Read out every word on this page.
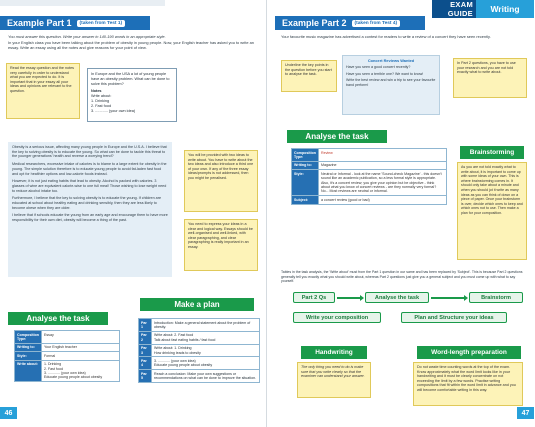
Example Part 1	(taken from Test 1)

You must answer this question. Write your answer in 140-190 words in an appropriate style.

In your English class you have been talking about the problem of obesity in young people. Now, your English teacher has asked you to write an essay. Write an essay using all the notes and give reasons for your point of view.

Read the essay question and the notes very carefully in order to understand what you are expected to do. It is important that in your essay all your ideas and opinions are relevant to the question.
In Europe and the USA a lot of young people have an obesity problem. What can be done to solve this problem?
Notes
Write about:
1. Drinking
2. Fast food
3. ............ (your own idea)

Obesity is a serious issue, affecting many young people in Europe and the U.S.A. I believe that the key to solving obesity is to educate the young. So what can be done to tackle this threat to the younger generations' health and reverse a worrying trend?

Medical researchers, excessive intake of calories is to blame to a large extent for obesity in the young. The simple solution therefore is to educate young people to avoid fat-laden fast food and opt for healthier options and low-calorie foods instead.

However, it is not just eating habits that lead to obesity. Alcohol is packed with calories. 3 glasses of wine are equivalent calorie-wise to one full meal! Those wishing to lose weight need to reduce alcohol intake too.

Furthermore, I believe that the key to solving obesity is to educate the young. If children are educated at school about healthy eating and drinking sensibly, then they are less likely to become obese when they are older.

I believe that if schools educate the young from an early age and encourage them to have more responsibility for their own diet, obesity will become a thing of the past.

You will be provided with two ideas to write about. You have to write about the two ideas and also introduce a third one of your own. If any of the three essay ideas/prompts is not addressed, then you might be penalised.
You need to express your ideas in a clear and logical way. Essays should be well-organised and well-linked, with clear paragraphing, and clear paragraphing is really important in an essay.
Analyse the task
Composition Type:	Essay
Writing to:	Your English teacher
Style:	Formal
Write about:	1. Drinking
2. Fast food
3. ............ (your own idea)
Educate young people about obesity
Make a plan
Par 1	Introduction: Make a general statement about the problem of obesity.
Par 2	Write about: 2. Fast food
Talk about fast eating habits / fast food
Par 3	Write about: 1. Drinking
How drinking leads to obesity
Par 4	3. ............ (your own idea)
Educate young people about obesity
Par 5	Reach a conclusion: Make your own suggestions or recommendations on what can be done to improve the situation.
46
EXAM GUIDE	Writing
Example Part 2	(taken from Test 4)

Your favourite music magazine has advertised a contest for readers to write a review of a concert they have seen recently.

Underline the key points in the question before you start to analyse the task.
Concert Reviews Wanted
Have you seen a good concert recently?
Have you seen a terrible one? We want to know!
Write the best review and win a trip to see your favourite band perform!
In Part 2 questions, you have to use your research and you are not told exactly what to write about.
Analyse the task
Composition Type:	Review
Writing to:	Magazine
Style:	Neutral or Informal - look at the name 'Sound-check Magazine' - this doesn't sound like an academic publication, so a less formal style is appropriate. Also, it's a concert review; you give your opinion but be objective - think about what you know of concert reviews - are they normally very formal? No... Most reviews are neutral or informal.
Subject:	a concert review (good or bad)
Brainstorming
As you are not told exactly what to write about, it is important to come up with some ideas of your own. This is where brainstorming comes in. It should only take about a minute and when you should jot it write as many ideas as you can think of down on a piece of paper. Once your brainstorm is over, decide which ones to keep and which ones not to use. Then make a plan for your composition.

Tables in the task analysis, the 'Write about' must from the Part 1 question in our same and has been replaced by 'Subject'. This is because Part 2 questions generally tell you exactly what you should write about, whereas Part 2 questions just give you a general subject and you must come up with what to say yourself.

Part 2 Qs	Analyse the task	Brainstorm
Write your composition	Plan and Structure your ideas
Handwriting
The only thing you need to do is make sure that you write clearly so that the examiner can understand your answer.
Word-length preparation
Do not waste time counting words at the top of the exam. Know approximately what the word limit looks like in your handwriting and it must be clearly concentrate on not exceeding the limit by a few words. Practise writing compositions that fit within the word limit in advance and you will become comfortable writing in this way.
47
